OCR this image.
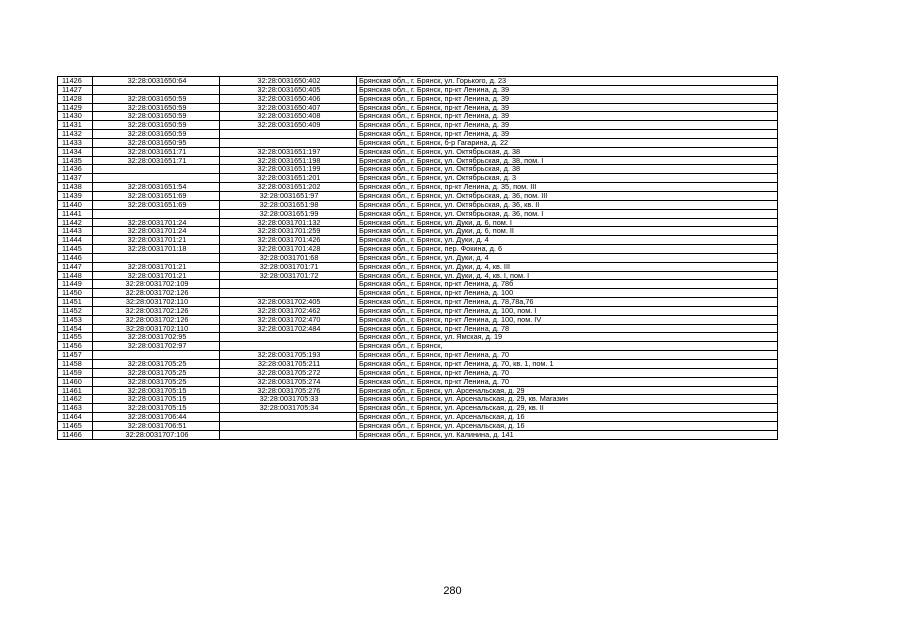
11426	32:28:0031650:64	32:28:0031650:402	Брянская обл., г. Брянск, ул. Горького, д. 23
11427		32:28:0031650:405	Брянская обл., г. Брянск, пр-кт Ленина, д. 39
11428	32:28:0031650:59	32:28:0031650:406	Брянская обл., г. Брянск, пр-кт Ленина, д. 39
11429	32:28:0031650:59	32:28:0031650:407	Брянская обл., г. Брянск, пр-кт Ленина, д. 39
11430	32:28:0031650:59	32:28:0031650:408	Брянская обл., г. Брянск, пр-кт Ленина, д. 39
11431	32:28:0031650:59	32:28:0031650:409	Брянская обл., г. Брянск, пр-кт Ленина, д. 39
11432	32:28:0031650:59		Брянская обл., г. Брянск, пр-кт Ленина, д. 39
11433	32:28:0031650:95		Брянская обл., г. Брянск, б-р Гагарина, д. 22
11434	32:28:0031651:71	32:28:0031651:197	Брянская обл., г. Брянск, ул. Октябрьская, д. 38
11435	32:28:0031651:71	32:28:0031651:198	Брянская обл., г. Брянск, ул. Октябрьская, д. 38, пом. I
11436		32:28:0031651:199	Брянская обл., г. Брянск, ул. Октябрьская, д. 38
11437		32:28:0031651:201	Брянская обл., г. Брянск, ул. Октябрьская, д. 3
11438	32:28:0031651:54	32:28:0031651:202	Брянская обл., г. Брянск, пр-кт Ленина, д. 35, пом. III
11439	32:28:0031651:69	32:28:0031651:97	Брянская обл., г. Брянск, ул. Октябрьская, д. 36, пом. III
11440	32:28:0031651:69	32:28:0031651:98	Брянская обл., г. Брянск, ул. Октябрьская, д. 36, кв. II
11441		32:28:0031651:99	Брянская обл., г. Брянск, ул. Октябрьская, д. 36, пом. I
11442	32:28:0031701:24	32:28:0031701:132	Брянская обл., г. Брянск, ул. Дуки, д. 6, пом. I
11443	32:28:0031701:24	32:28:0031701:259	Брянская обл., г. Брянск, ул. Дуки, д. 6, пом. II
11444	32:28:0031701:21	32:28:0031701:426	Брянская обл., г. Брянск, ул. Дуки, д. 4
11445	32:28:0031701:18	32:28:0031701:428	Брянская обл., г. Брянск, пер. Фокина, д. 6
11446		32:28:0031701:68	Брянская обл., г. Брянск, ул. Дуки, д. 4
11447	32:28:0031701:21	32:28:0031701:71	Брянская обл., г. Брянск, ул. Дуки, д. 4, кв. III
11448	32:28:0031701:21	32:28:0031701:72	Брянская обл., г. Брянск, ул. Дуки, д. 4, кв. I, пом. I
11449	32:28:0031702:109		Брянская обл., г. Брянск, пр-кт Ленина, д. 78б
11450	32:28:0031702:126		Брянская обл., г. Брянск, пр-кт Ленина, д. 100
11451	32:28:0031702:110	32:28:0031702:405	Брянская обл., г. Брянск, пр-кт Ленина, д. 78,78а,76
11452	32:28:0031702:126	32:28:0031702:462	Брянская обл., г. Брянск, пр-кт Ленина, д. 100, пом. I
11453	32:28:0031702:126	32:28:0031702:470	Брянская обл., г. Брянск, пр-кт Ленина, д. 100, пом. IV
11454	32:28:0031702:110	32:28:0031702:484	Брянская обл., г. Брянск, пр-кт Ленина, д. 78
11455	32:28:0031702:95		Брянская обл., г. Брянск, ул. Ямская, д. 19
11456	32:28:0031702:97		Брянская обл., г. Брянск,
11457		32:28:0031705:193	Брянская обл., г. Брянск, пр-кт Ленина, д. 70
11458	32:28:0031705:25	32:28:0031705:211	Брянская обл., г. Брянск, пр-кт Ленина, д. 70, кв. 1, пом. 1
11459	32:28:0031705:25	32:28:0031705:272	Брянская обл., г. Брянск, пр-кт Ленина, д. 70
11460	32:28:0031705:25	32:28:0031705:274	Брянская обл., г. Брянск, пр-кт Ленина, д. 70
11461	32:28:0031705:15	32:28:0031705:276	Брянская обл., г. Брянск, ул. Арсенальская, д. 29
11462	32:28:0031705:15	32:28:0031705:33	Брянская обл., г. Брянск, ул. Арсенальская, д. 29, кв. Магазин
11463	32:28:0031705:15	32:28:0031705:34	Брянская обл., г. Брянск, ул. Арсенальская, д. 29, кв. II
11464	32:28:0031706:44		Брянская обл., г. Брянск, ул. Арсенальская, д. 16
11465	32:28:0031706:51		Брянская обл., г. Брянск, ул. Арсенальская, д. 16
11466	32:28:0031707:106		Брянская обл., г. Брянск, ул. Калинина, д. 141
280
